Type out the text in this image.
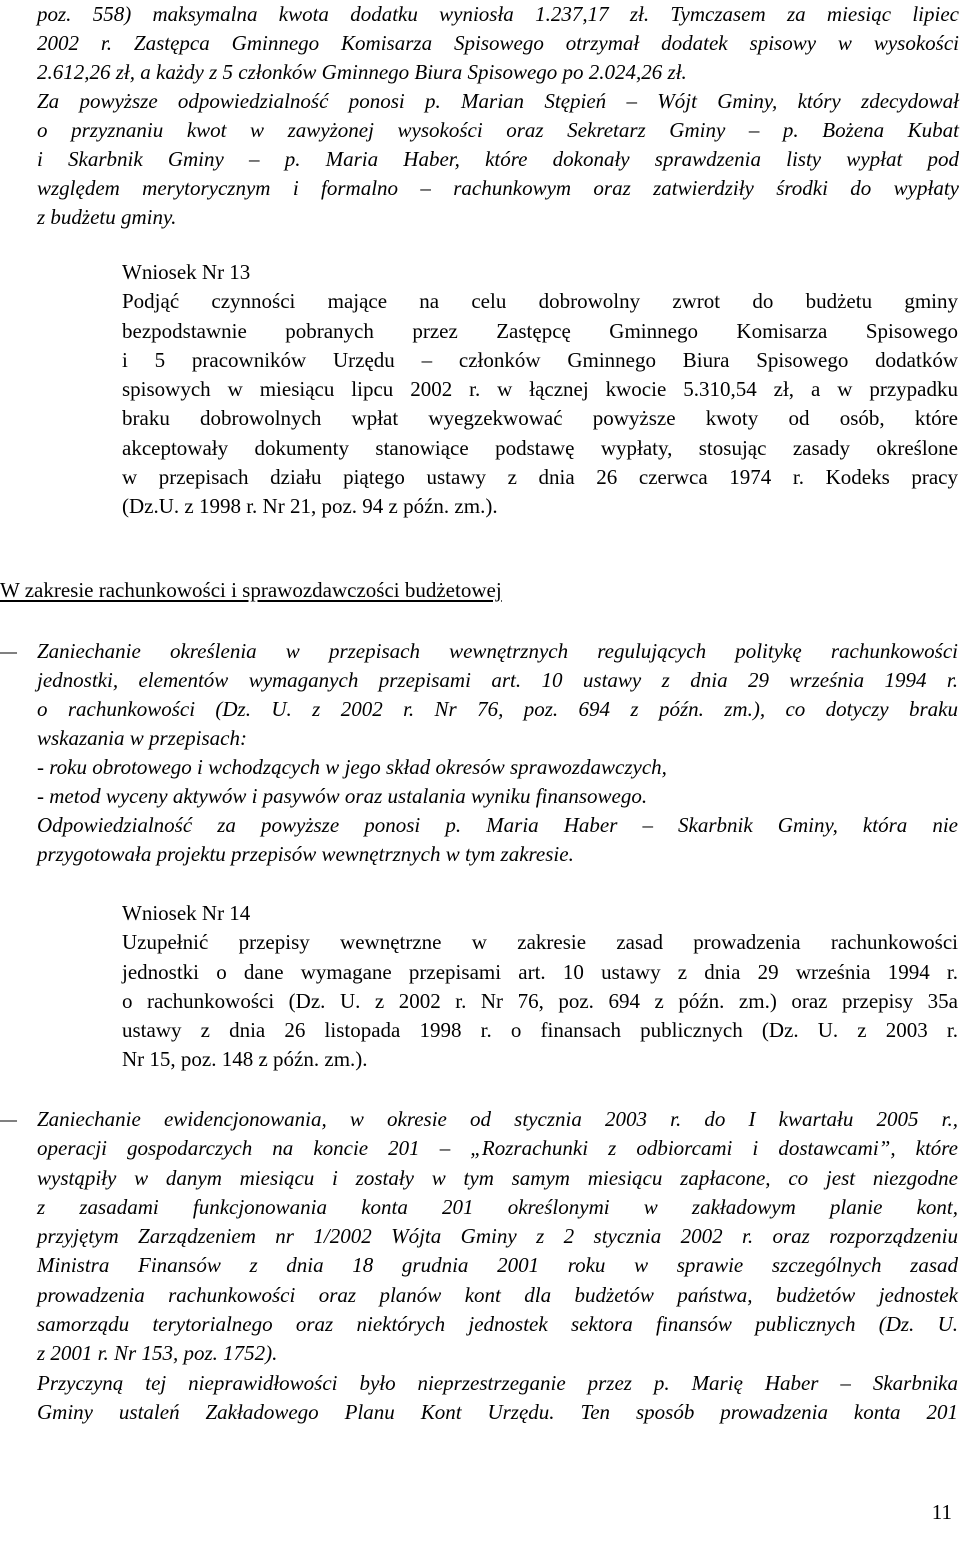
poz. 558) maksymalna kwota dodatku wyniosła 1.237,17 zł. Tymczasem za miesiąc lipiec
2002 r. Zastępca Gminnego Komisarza Spisowego otrzymał dodatek spisowy w wysokości
2.612,26 zł, a każdy z 5 członków Gminnego Biura Spisowego po 2.024,26 zł.
Za powyższe odpowiedzialność ponosi p. Marian Stępień – Wójt Gminy, który zdecydował
o przyznaniu kwot w zawyżonej wysokości oraz Sekretarz Gminy – p. Bożena Kubat
i Skarbnik Gminy – p. Maria Haber, które dokonały sprawdzenia listy wypłat pod
względem merytorycznym i formalno – rachunkowym oraz zatwierdziły środki do wypłaty
z budżetu gminy.
Wniosek Nr 13
Podjąć czynności mające na celu dobrowolny zwrot do budżetu gminy
bezpodstawnie pobranych przez Zastępcę Gminnego Komisarza Spisowego
i 5 pracowników Urzędu – członków Gminnego Biura Spisowego dodatków
spisowych w miesiącu lipcu 2002 r. w łącznej kwocie 5.310,54 zł, a w przypadku
braku dobrowolnych wpłat wyegzekwować powyższe kwoty od osób, które
akceptowały dokumenty stanowiące podstawę wypłaty, stosując zasady określone
w przepisach działu piątego ustawy z dnia 26 czerwca 1974 r. Kodeks pracy
(Dz.U. z 1998 r. Nr 21, poz. 94 z późn. zm.).
W zakresie rachunkowości i sprawozdawczości budżetowej
– Zaniechanie określenia w przepisach wewnętrznych regulujących politykę rachunkowości
jednostki, elementów wymaganych przepisami art. 10 ustawy z dnia 29 września 1994 r.
o rachunkowości (Dz. U. z 2002 r. Nr 76, poz. 694 z późn. zm.), co dotyczy braku
wskazania w przepisach:
- roku obrotowego i wchodzących w jego skład okresów sprawozdawczych,
- metod wyceny aktywów i pasywów oraz ustalania wyniku finansowego.
Odpowiedzialność za powyższe ponosi p. Maria Haber – Skarbnik Gminy, która nie
przygotowała projektu przepisów wewnętrznych w tym zakresie.
Wniosek Nr 14
Uzupełnić przepisy wewnętrzne w zakresie zasad prowadzenia rachunkowości
jednostki o dane wymagane przepisami art. 10 ustawy z dnia 29 września 1994 r.
o rachunkowości (Dz. U. z 2002 r. Nr 76, poz. 694 z późn. zm.) oraz przepisy 35a
ustawy z dnia 26 listopada 1998 r. o finansach publicznych (Dz. U. z 2003 r.
Nr 15, poz. 148 z późn. zm.).
– Zaniechanie ewidencjonowania, w okresie od stycznia 2003 r. do I kwartału 2005 r.,
operacji gospodarczych na koncie 201 – „Rozrachunki z odbiorcami i dostawcami”, które
wystąpiły w danym miesiącu i zostały w tym samym miesiącu zapłacone, co jest niezgodne
z zasadami funkcjonowania konta 201 określonymi w zakładowym planie kont,
przyjętym Zarządzeniem nr 1/2002 Wójta Gminy z 2 stycznia 2002 r. oraz rozporządzeniu
Ministra Finansów z dnia 18 grudnia 2001 roku w sprawie szczególnych zasad
prowadzenia rachunkowości oraz planów kont dla budżetów państwa, budżetów jednostek
samorządu terytorialnego oraz niektórych jednostek sektora finansów publicznych (Dz. U.
z 2001 r. Nr 153, poz. 1752).
Przyczyną tej nieprawidłowości było nieprzestrzeganie przez p. Marię Haber – Skarbnika
Gminy ustaleń Zakładowego Planu Kont Urzędu. Ten sposób prowadzenia konta 201
11
